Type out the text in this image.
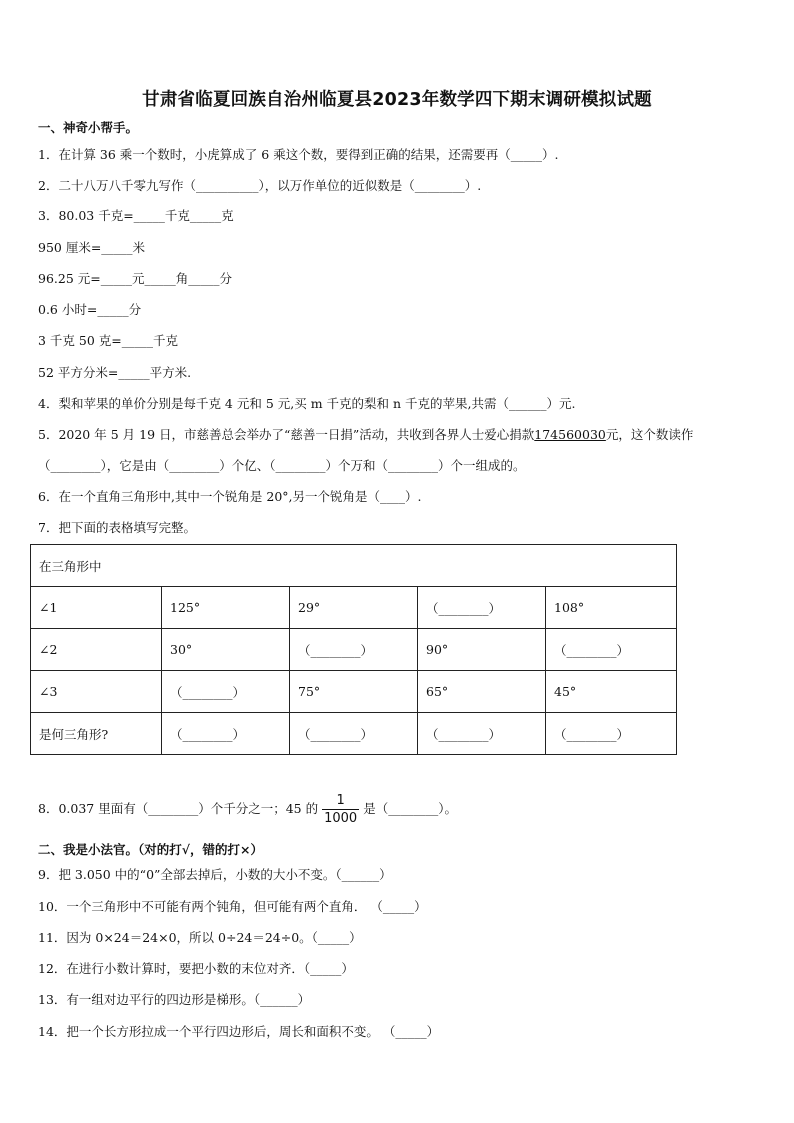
甘肃省临夏回族自治州临夏县2023年数学四下期末调研模拟试题
一、神奇小帮手。
1．在计算 36 乘一个数时，小虎算成了 6 乘这个数，要得到正确的结果，还需要再（_____）.
2．二十八万八千零九写作（__________），以万作单位的近似数是（________）.
3．80.03 千克=_____千克_____克
950 厘米=_____米
96.25 元=_____元_____角_____分
0.6 小时=_____分
3 千克 50 克=_____千克
52 平方分米=_____平方米.
4．梨和苹果的单价分别是每千克 4 元和 5 元,买 m 千克的梨和 n 千克的苹果,共需（______）元.
5．2020 年 5 月 19 日，市慈善总会举办了“慈善一日捐”活动，共收到各界人士爱心捐款174560030元，这个数读作
（________），它是由（________）个亿、（________）个万和（________）个一组成的。
6．在一个直角三角形中,其中一个锐角是 20°,另一个锐角是（____）.
7．把下面的表格填写完整。
在三角形中				
∠1	125°	29°	（________）	108°
∠2	30°	（________）	90°	（________）
∠3	（________）	75°	65°	45°
是何三角形?	（________）	（________）	（________）	（________）
8．0.037 里面有（________）个千分之一；45 的 $\frac{1}{1000}$ 是（________）。
二、我是小法官。（对的打√，错的打×）
9．把 3.050 中的“0”全部去掉后，小数的大小不变。（______）
10．一个三角形中不可能有两个钝角，但可能有两个直角． （_____）
11．因为 0×24＝24×0，所以 0÷24＝24÷0。（_____）
12．在进行小数计算时，要把小数的末位对齐．（_____）
13．有一组对边平行的四边形是梯形。（______）
14．把一个长方形拉成一个平行四边形后，周长和面积不变。 （_____）
